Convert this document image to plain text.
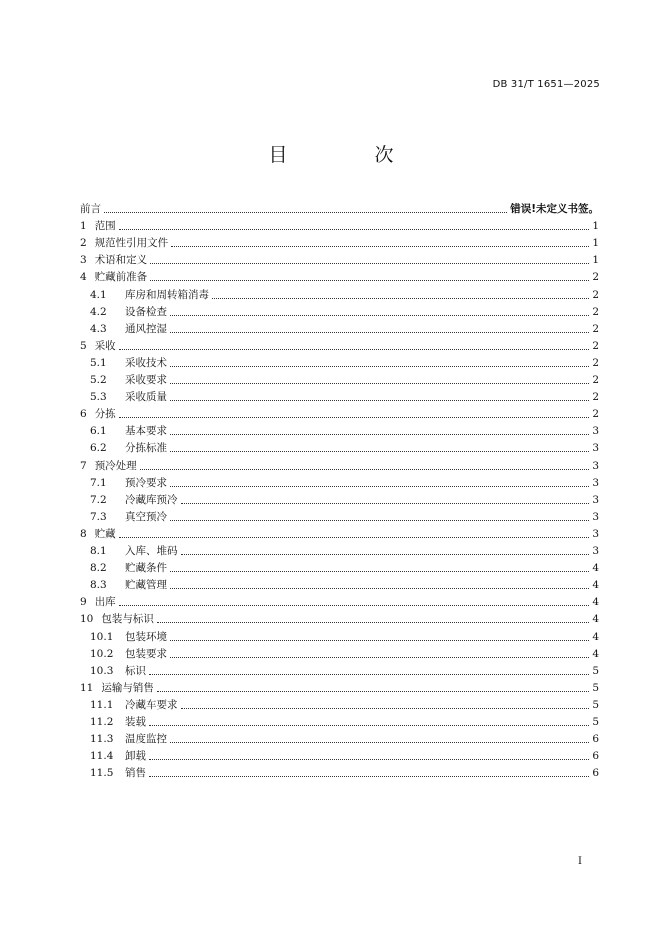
DB 31/T 1651—2025
目　次
前言	错误!未定义书签。
1 范围	1
2 规范性引用文件	1
3 术语和定义	1
4 贮藏前准备	2
4.1	库房和周转箱消毒	2
4.2	设备检查	2
4.3	通风控湿	2
5 采收	2
5.1	采收技术	2
5.2	采收要求	2
5.3	采收质量	2
6 分拣	2
6.1	基本要求	3
6.2	分拣标准	3
7 预冷处理	3
7.1	预冷要求	3
7.2	冷藏库预冷	3
7.3	真空预冷	3
8 贮藏	3
8.1	入库、堆码	3
8.2	贮藏条件	4
8.3	贮藏管理	4
9 出库	4
10 包装与标识	4
10.1	包装环境	4
10.2	包装要求	4
10.3	标识	5
11 运输与销售	5
11.1	冷藏车要求	5
11.2	装载	5
11.3	温度监控	6
11.4	卸载	6
11.5	销售	6
I
